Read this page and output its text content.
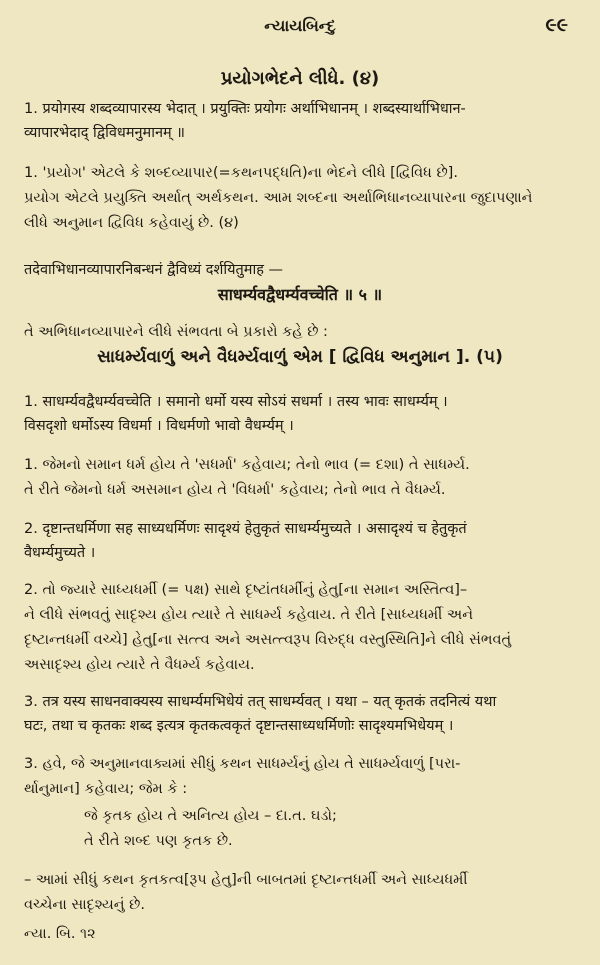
ન્યાયબિન્દુ	૯૯
પ્રયોગભેદને લીધે. (૪)

1. प्रयोगस्य शब्दव्यापारस्य भेदात् । प्रयुक्तिः प्रयोगः अर्थाभिधानम् । शब्दस्यार्थाभिधान-

व्यापारभेदाद् द्विविधमनुमानम् ॥

1. 'પ્રયોગ' એટલે કે શબ્દવ્યાપાર(=કથનપદ્ધતિ)ના ભેદને લીધે [દ્વિવિધ છે].

પ્રયોગ એટલે પ્રયુક્તિ અર્થાત્ અર્થકથન. આમ શબ્દના અર્થાભિધાનવ્યાપારના જુદાપણાને

લીધે અનુમાન દ્વિવિધ કહેવાયું છે. (૪)

तदेवाभिधानव्यापारनिबन्धनं द्वैविध्यं दर्शयितुमाह —

साधर्म्यवद्वैधर्म्यवच्चेति ॥ ५ ॥

તે અભિધાનવ્યાપારને લીધે સંભવતા બે પ્રકારો કહે છે :

સાધર્મ્યવાળું અને વૈધર્મ્યવાળું એમ [ દ્વિવિધ અનુમાન ]. (૫)

1. साधर्म्यवद्वैधर्म्यवच्चेति । समानो धर्मो यस्य सोऽयं सधर्मा । तस्य भावः साधर्म्यम् ।

विसदृशो धर्मोऽस्य विधर्मा । विधर्मणो भावो वैधर्म्यम् ।

1. જેમનો સમાન ધર્મ હોય તે 'સધર્મા' કહેવાય; તેનો ભાવ (= દશા) તે સાધર્મ્ય.

તે રીતે જેમનો ધર્મ અસમાન હોય તે 'વિધર્મા' કહેવાય; તેનો ભાવ તે વૈધર્મ્ય.

2. दृष्टान्तधर्मिणा सह साध्यधर्मिणः सादृश्यं हेतुकृतं साधर्म्यमुच्यते । असादृश्यं च हेतुकृतं

वैधर्म्यमुच्यते ।

2. તો જ્યારે સાધ્યધર્મી (= પક્ષ) સાથે દૃષ્ટાંતધર્મીનું હેતુ[ના સમાન અસ્તિત્વ]–

ને લીધે સંભવતું સાદૃશ્ય હોય ત્યારે તે સાધર્મ્ય કહેવાય. તે રીતે [સાધ્યધર્મી અને

દૃષ્ટાન્તધર્મી વચ્ચે] હેતુ[ના સત્ત્વ અને અસત્ત્વરૂપ વિરુદ્ધ વસ્તુસ્થિતિ]ને લીધે સંભવતું

અસાદૃશ્ય હોય ત્યારે તે વૈધર્મ્ય કહેવાય.

3. तत्र यस्य साधनवाक्यस्य साधर्म्यमभिधेयं तत् साधर्म्यवत् । यथा – यत् कृतकं तदनित्यं यथा

घटः, तथा च कृतकः शब्द इत्यत्र कृतकत्वकृतं दृष्टान्तसाध्यधर्मिणोः सादृश्यमभिधेयम् ।

3. હવે, જે અનુમાનવાક્યમાં સીધું કથન સાધર્મ્યનું હોય તે સાધર્મ્યવાળું [પરા-

ર્થાનુમાન] કહેવાય; જેમ કે :

જે કૃતક હોય તે અનિત્ય હોય – દા.ત. ઘડો;
તે રીતે શબ્દ પણ કૃતક છે.

– આમાં સીધું કથન કૃતકત્વ[રૂપ હેતુ]ની બાબતમાં દૃષ્ટાન્તધર્મી અને સાધ્યધર્મી

વચ્ચેના સાદૃશ્યનું છે.

ન્યા. બિ. ૧૨
